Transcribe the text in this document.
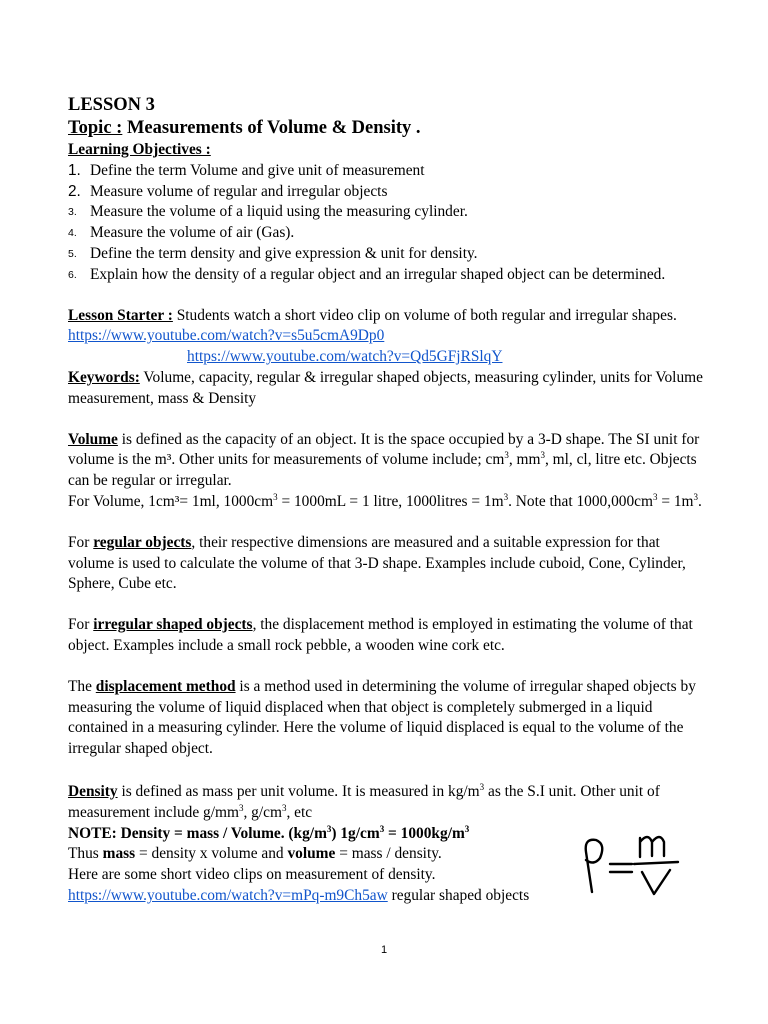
LESSON 3

Topic : Measurements of Volume & Density .

Learning Objectives :

1. Define the term Volume and give unit of measurement
2. Measure volume of regular and irregular objects
3. Measure the volume of a liquid using the measuring cylinder.
4. Measure the volume of air (Gas).
5. Define the term density and give expression & unit for density.
6. Explain how the density of a regular object and an irregular shaped object can be determined.

Lesson Starter : Students watch a short video clip on volume of both regular and irregular shapes. https://www.youtube.com/watch?v=s5u5cmA9Dp0
https://www.youtube.com/watch?v=Qd5GFjRSlqY

Keywords: Volume, capacity, regular & irregular shaped objects, measuring cylinder, units for Volume measurement, mass & Density

Volume is defined as the capacity of an object. It is the space occupied by a 3-D shape. The SI unit for volume is the m³. Other units for measurements of volume include; $cm^3$, $mm^3$, ml, cl, litre etc. Objects can be regular or irregular.
For Volume, 1cm³= 1ml, $1000cm^3 = 1000mL = 1$ litre, 1000litres = $1m^3$. Note that $1000,000cm^3 = 1m^3$.

For regular objects, their respective dimensions are measured and a suitable expression for that volume is used to calculate the volume of that 3-D shape. Examples include cuboid, Cone, Cylinder, Sphere, Cube etc.

For irregular shaped objects, the displacement method is employed in estimating the volume of that object. Examples include a small rock pebble, a wooden wine cork etc.

The displacement method is a method used in determining the volume of irregular shaped objects by measuring the volume of liquid displaced when that object is completely submerged in a liquid contained in a measuring cylinder. Here the volume of liquid displaced is equal to the volume of the irregular shaped object.

Density is defined as mass per unit volume. It is measured in $kg/m^3$ as the S.I unit. Other unit of measurement include $g/mm^3$, $g/cm^3$, etc
NOTE: Density = mass / Volume. $(kg/m^3) 1g/cm^3 = 1000kg/m^3$
Thus mass = density x volume and volume = mass / density.
Here are some short video clips on measurement of density.
https://www.youtube.com/watch?v=mPq-m9Ch5aw regular shaped objects

1
